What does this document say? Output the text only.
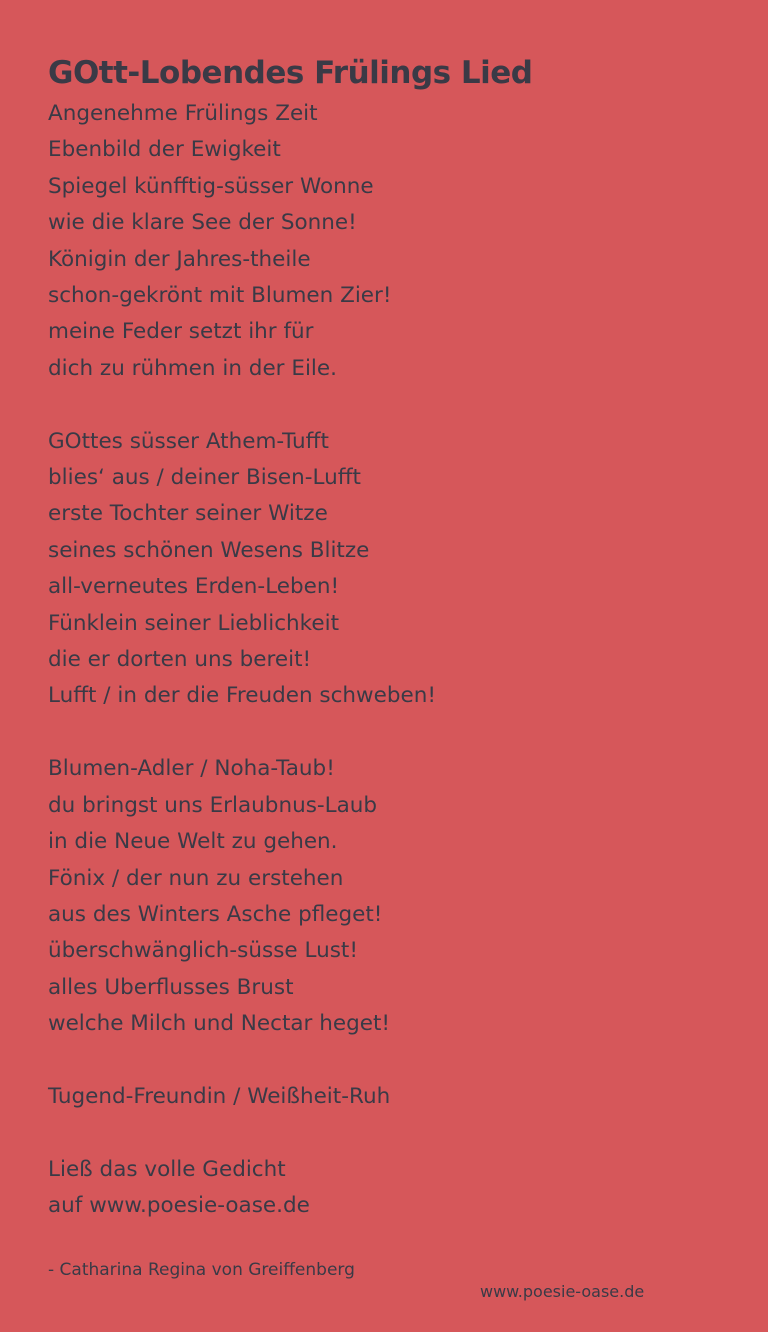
GOtt-Lobendes Frülings Lied
Angenehme Frülings Zeit
Ebenbild der Ewigkeit
Spiegel künfftig-süsser Wonne
wie die klare See der Sonne!
Königin der Jahres-theile
schon-gekrönt mit Blumen Zier!
meine Feder setzt ihr für
dich zu rühmen in der Eile.
GOttes süsser Athem-Tufft
blies‘ aus / deiner Bisen-Lufft
erste Tochter seiner Witze
seines schönen Wesens Blitze
all-verneutes Erden-Leben!
Fünklein seiner Lieblichkeit
die er dorten uns bereit!
Lufft / in der die Freuden schweben!
Blumen-Adler / Noha-Taub!
du bringst uns Erlaubnus-Laub
in die Neue Welt zu gehen.
Fönix / der nun zu erstehen
aus des Winters Asche pfleget!
überschwänglich-süsse Lust!
alles Uberflusses Brust
welche Milch und Nectar heget!
Tugend-Freundin / Weißheit-Ruh
Ließ das volle Gedicht
auf www.poesie-oase.de
- Catharina Regina von Greiffenberg
www.poesie-oase.de
